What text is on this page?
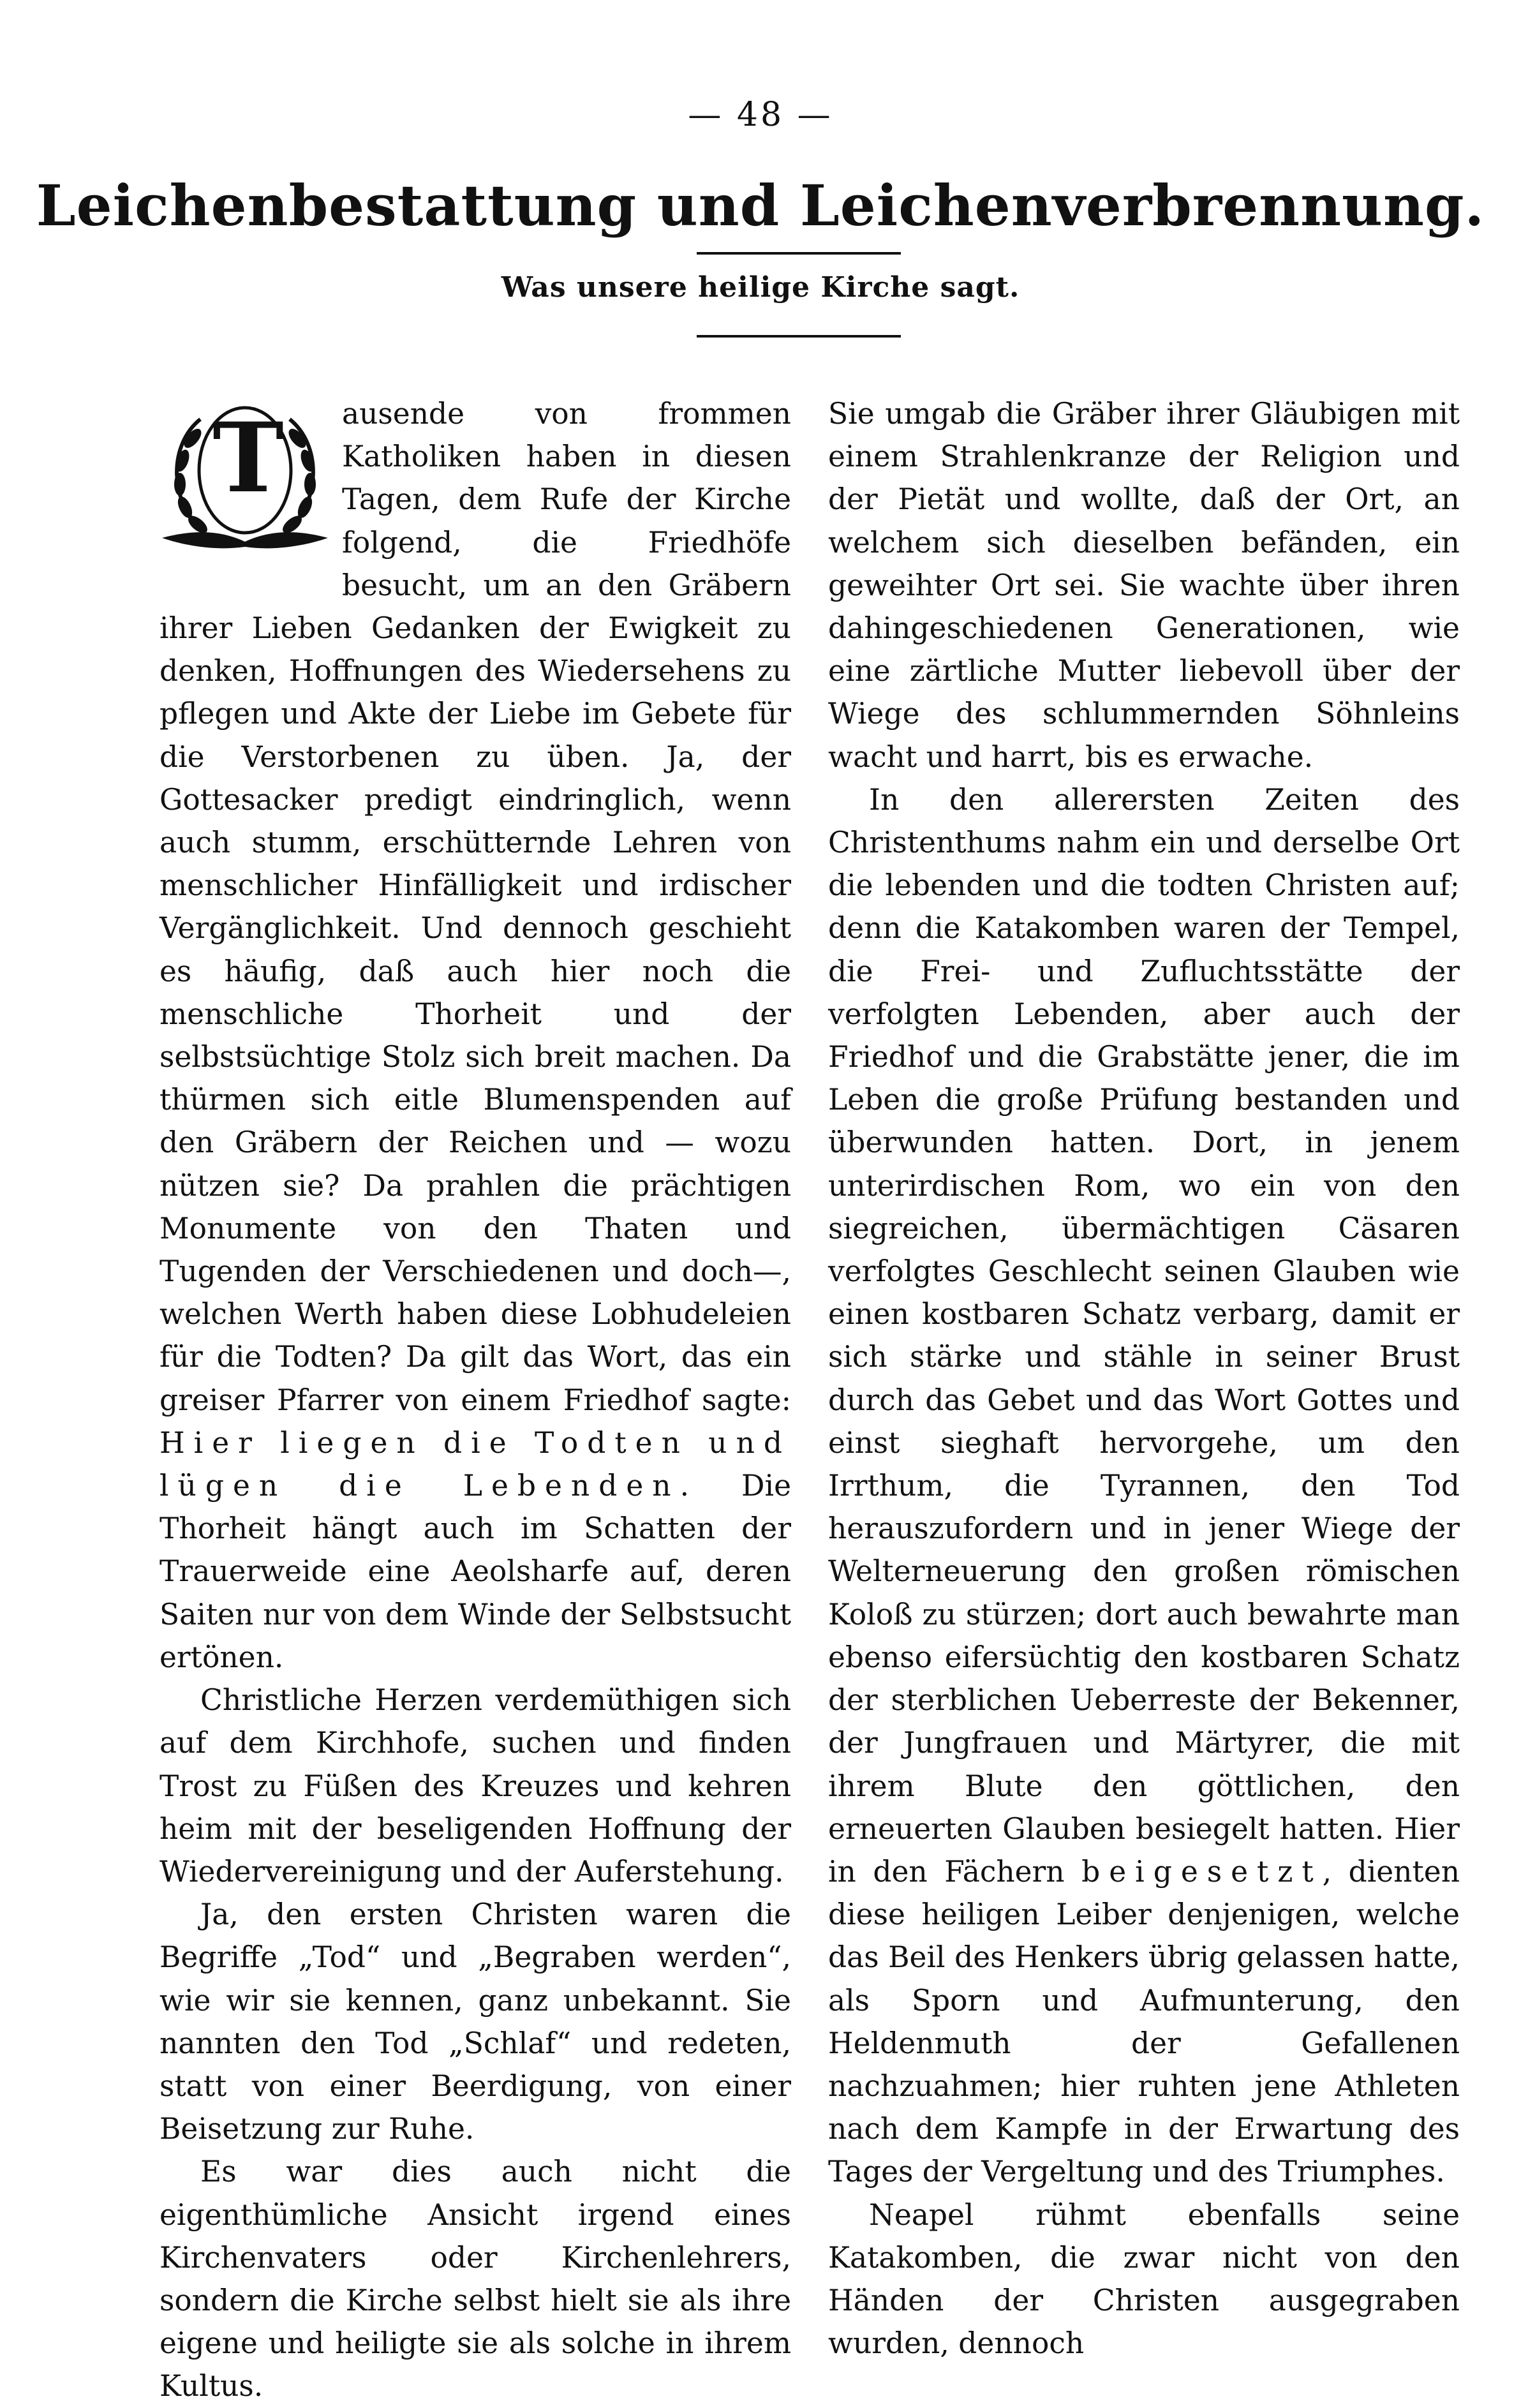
— 48 —
Leichenbestattung und Leichenverbrennung.
Was unsere heilige Kirche sagt.
T	ausende von frommen Katholiken haben in diesen Tagen, dem Rufe der Kirche folgend, die Friedhöfe besucht, um an den Gräbern ihrer Lieben Gedanken der Ewigkeit zu denken, Hoffnungen des Wiedersehens zu pflegen und Akte der Liebe im Gebete für die Verstorbenen zu üben. Ja, der Gottesacker predigt eindringlich, wenn auch stumm, erschütternde Lehren von menschlicher Hinfälligkeit und irdischer Vergänglichkeit. Und dennoch geschieht es häufig, daß auch hier noch die menschliche Thorheit und der selbstsüchtige Stolz sich breit machen. Da thürmen sich eitle Blumenspenden auf den Gräbern der Reichen und — wozu nützen sie? Da prahlen die prächtigen Monumente von den Thaten und Tugenden der Verschiedenen und doch—, welchen Werth haben diese Lobhudeleien für die Todten? Da gilt das Wort, das ein greiser Pfarrer von einem Friedhof sagte: Hier liegen die Todten und lügen die Lebenden. Die Thorheit hängt auch im Schatten der Trauerweide eine Aeolsharfe auf, deren Saiten nur von dem Winde der Selbstsucht ertönen.

Christliche Herzen verdemüthigen sich auf dem Kirchhofe, suchen und finden Trost zu Füßen des Kreuzes und kehren heim mit der beseligenden Hoffnung der Wiedervereinigung und der Auferstehung.

Ja, den ersten Christen waren die Begriffe „Tod“ und „Begraben werden“, wie wir sie kennen, ganz unbekannt. Sie nannten den Tod „Schlaf“ und redeten, statt von einer Beerdigung, von einer Beisetzung zur Ruhe.

Es war dies auch nicht die eigenthümliche Ansicht irgend eines Kirchenvaters oder Kirchenlehrers, sondern die Kirche selbst hielt sie als ihre eigene und heiligte sie als solche in ihrem Kultus.

Sie umgab die Gräber ihrer Gläubigen mit einem Strahlenkranze der Religion und der Pietät und wollte, daß der Ort, an welchem sich dieselben befänden, ein geweihter Ort sei. Sie wachte über ihren dahingeschiedenen Generationen, wie eine zärtliche Mutter liebevoll über der Wiege des schlummernden Söhnleins wacht und harrt, bis es erwache.

In den allerersten Zeiten des Christenthums nahm ein und derselbe Ort die lebenden und die todten Christen auf; denn die Katakomben waren der Tempel, die Frei- und Zufluchtsstätte der verfolgten Lebenden, aber auch der Friedhof und die Grabstätte jener, die im Leben die große Prüfung bestanden und überwunden hatten. Dort, in jenem unterirdischen Rom, wo ein von den siegreichen, übermächtigen Cäsaren verfolgtes Geschlecht seinen Glauben wie einen kostbaren Schatz verbarg, damit er sich stärke und stähle in seiner Brust durch das Gebet und das Wort Gottes und einst sieghaft hervorgehe, um den Irrthum, die Tyrannen, den Tod herauszufordern und in jener Wiege der Welterneuerung den großen römischen Koloß zu stürzen; dort auch bewahrte man ebenso eifersüchtig den kostbaren Schatz der sterblichen Ueberreste der Bekenner, der Jungfrauen und Märtyrer, die mit ihrem Blute den göttlichen, den erneuerten Glauben besiegelt hatten. Hier in den Fächern beigesetzt, dienten diese heiligen Leiber denjenigen, welche das Beil des Henkers übrig gelassen hatte, als Sporn und Aufmunterung, den Heldenmuth der Gefallenen nachzuahmen; hier ruhten jene Athleten nach dem Kampfe in der Erwartung des Tages der Vergeltung und des Triumphes.

Neapel rühmt ebenfalls seine Katakomben, die zwar nicht von den Händen der Christen ausgegraben wurden, dennoch
